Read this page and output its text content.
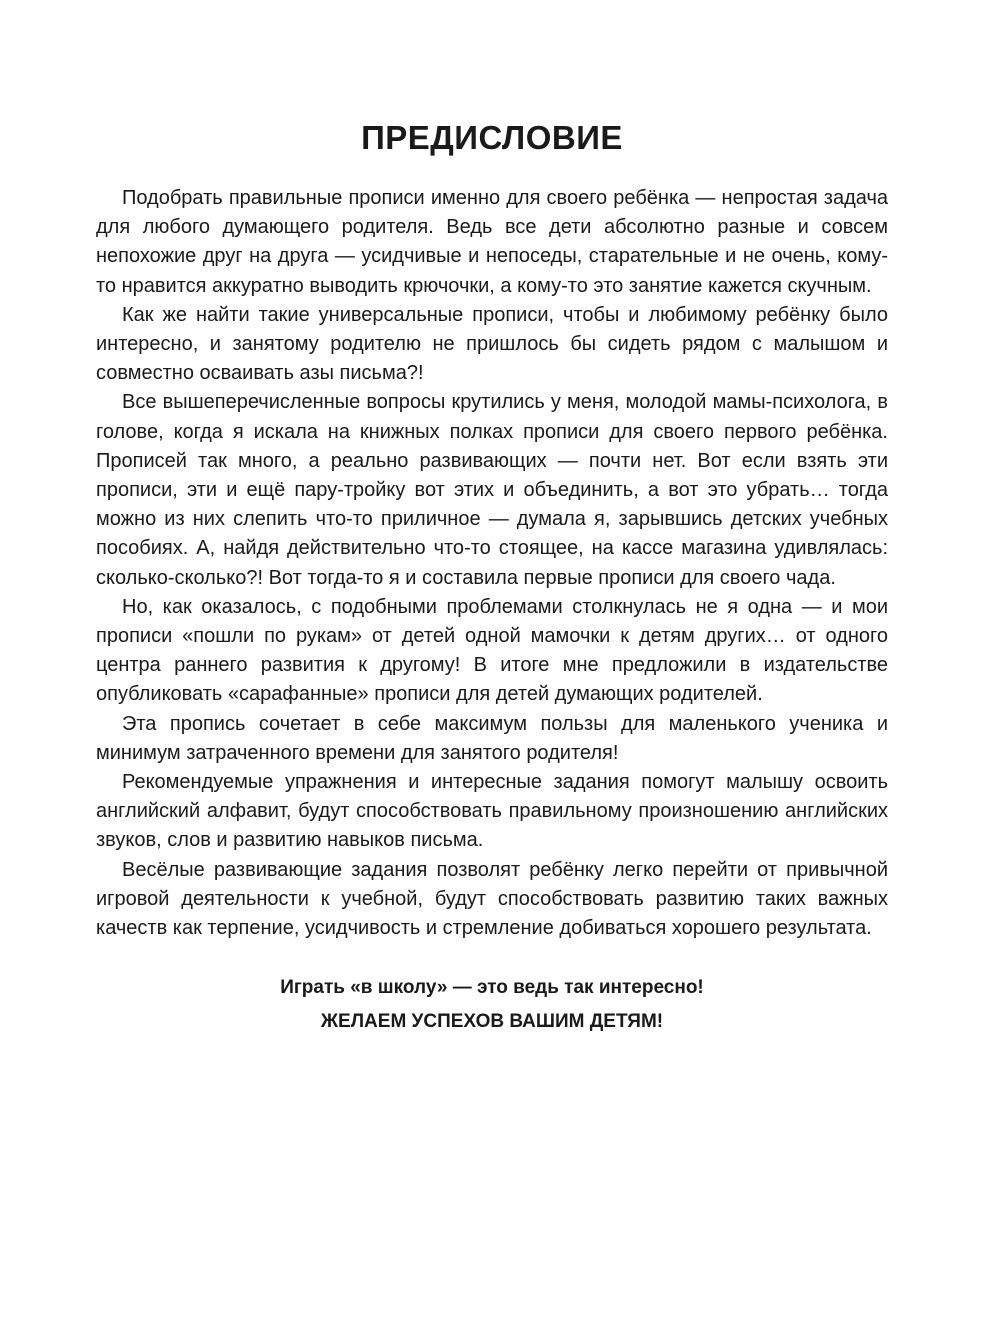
ПРЕДИСЛОВИЕ

Подобрать правильные прописи именно для своего ребёнка — непростая задача для любого думающего родителя. Ведь все дети абсолютно разные и совсем непохожие друг на друга — усидчивые и непоседы, старательные и не очень, кому-то нравится аккуратно выводить крючочки, а кому-то это занятие кажется скучным.

Как же найти такие универсальные прописи, чтобы и любимому ребёнку было интересно, и занятому родителю не пришлось бы сидеть рядом с малышом и совместно осваивать азы письма?!

Все вышеперечисленные вопросы крутились у меня, молодой мамы-психолога, в голове, когда я искала на книжных полках прописи для своего первого ребёнка. Прописей так много, а реально развивающих — почти нет. Вот если взять эти прописи, эти и ещё пару-тройку вот этих и объединить, а вот это убрать… тогда можно из них слепить что-то приличное — думала я, зарывшись детских учебных пособиях. А, найдя действительно что-то стоящее, на кассе магазина удивлялась: сколько-сколько?! Вот тогда-то я и составила первые прописи для своего чада.

Но, как оказалось, с подобными проблемами столкнулась не я одна — и мои прописи «пошли по рукам» от детей одной мамочки к детям других… от одного центра раннего развития к другому! В итоге мне предложили в издательстве опубликовать «сарафанные» прописи для детей думающих родителей.

Эта пропись сочетает в себе максимум пользы для маленького ученика и минимум затраченного времени для занятого родителя!

Рекомендуемые упражнения и интересные задания помогут малышу освоить английский алфавит, будут способствовать правильному произношению английских звуков, слов и развитию навыков письма.

Весёлые развивающие задания позволят ребёнку легко перейти от привычной игровой деятельности к учебной, будут способствовать развитию таких важных качеств как терпение, усидчивость и стремление добиваться хорошего результата.

Играть «в школу» — это ведь так интересно!

ЖЕЛАЕМ УСПЕХОВ ВАШИМ ДЕТЯМ!
